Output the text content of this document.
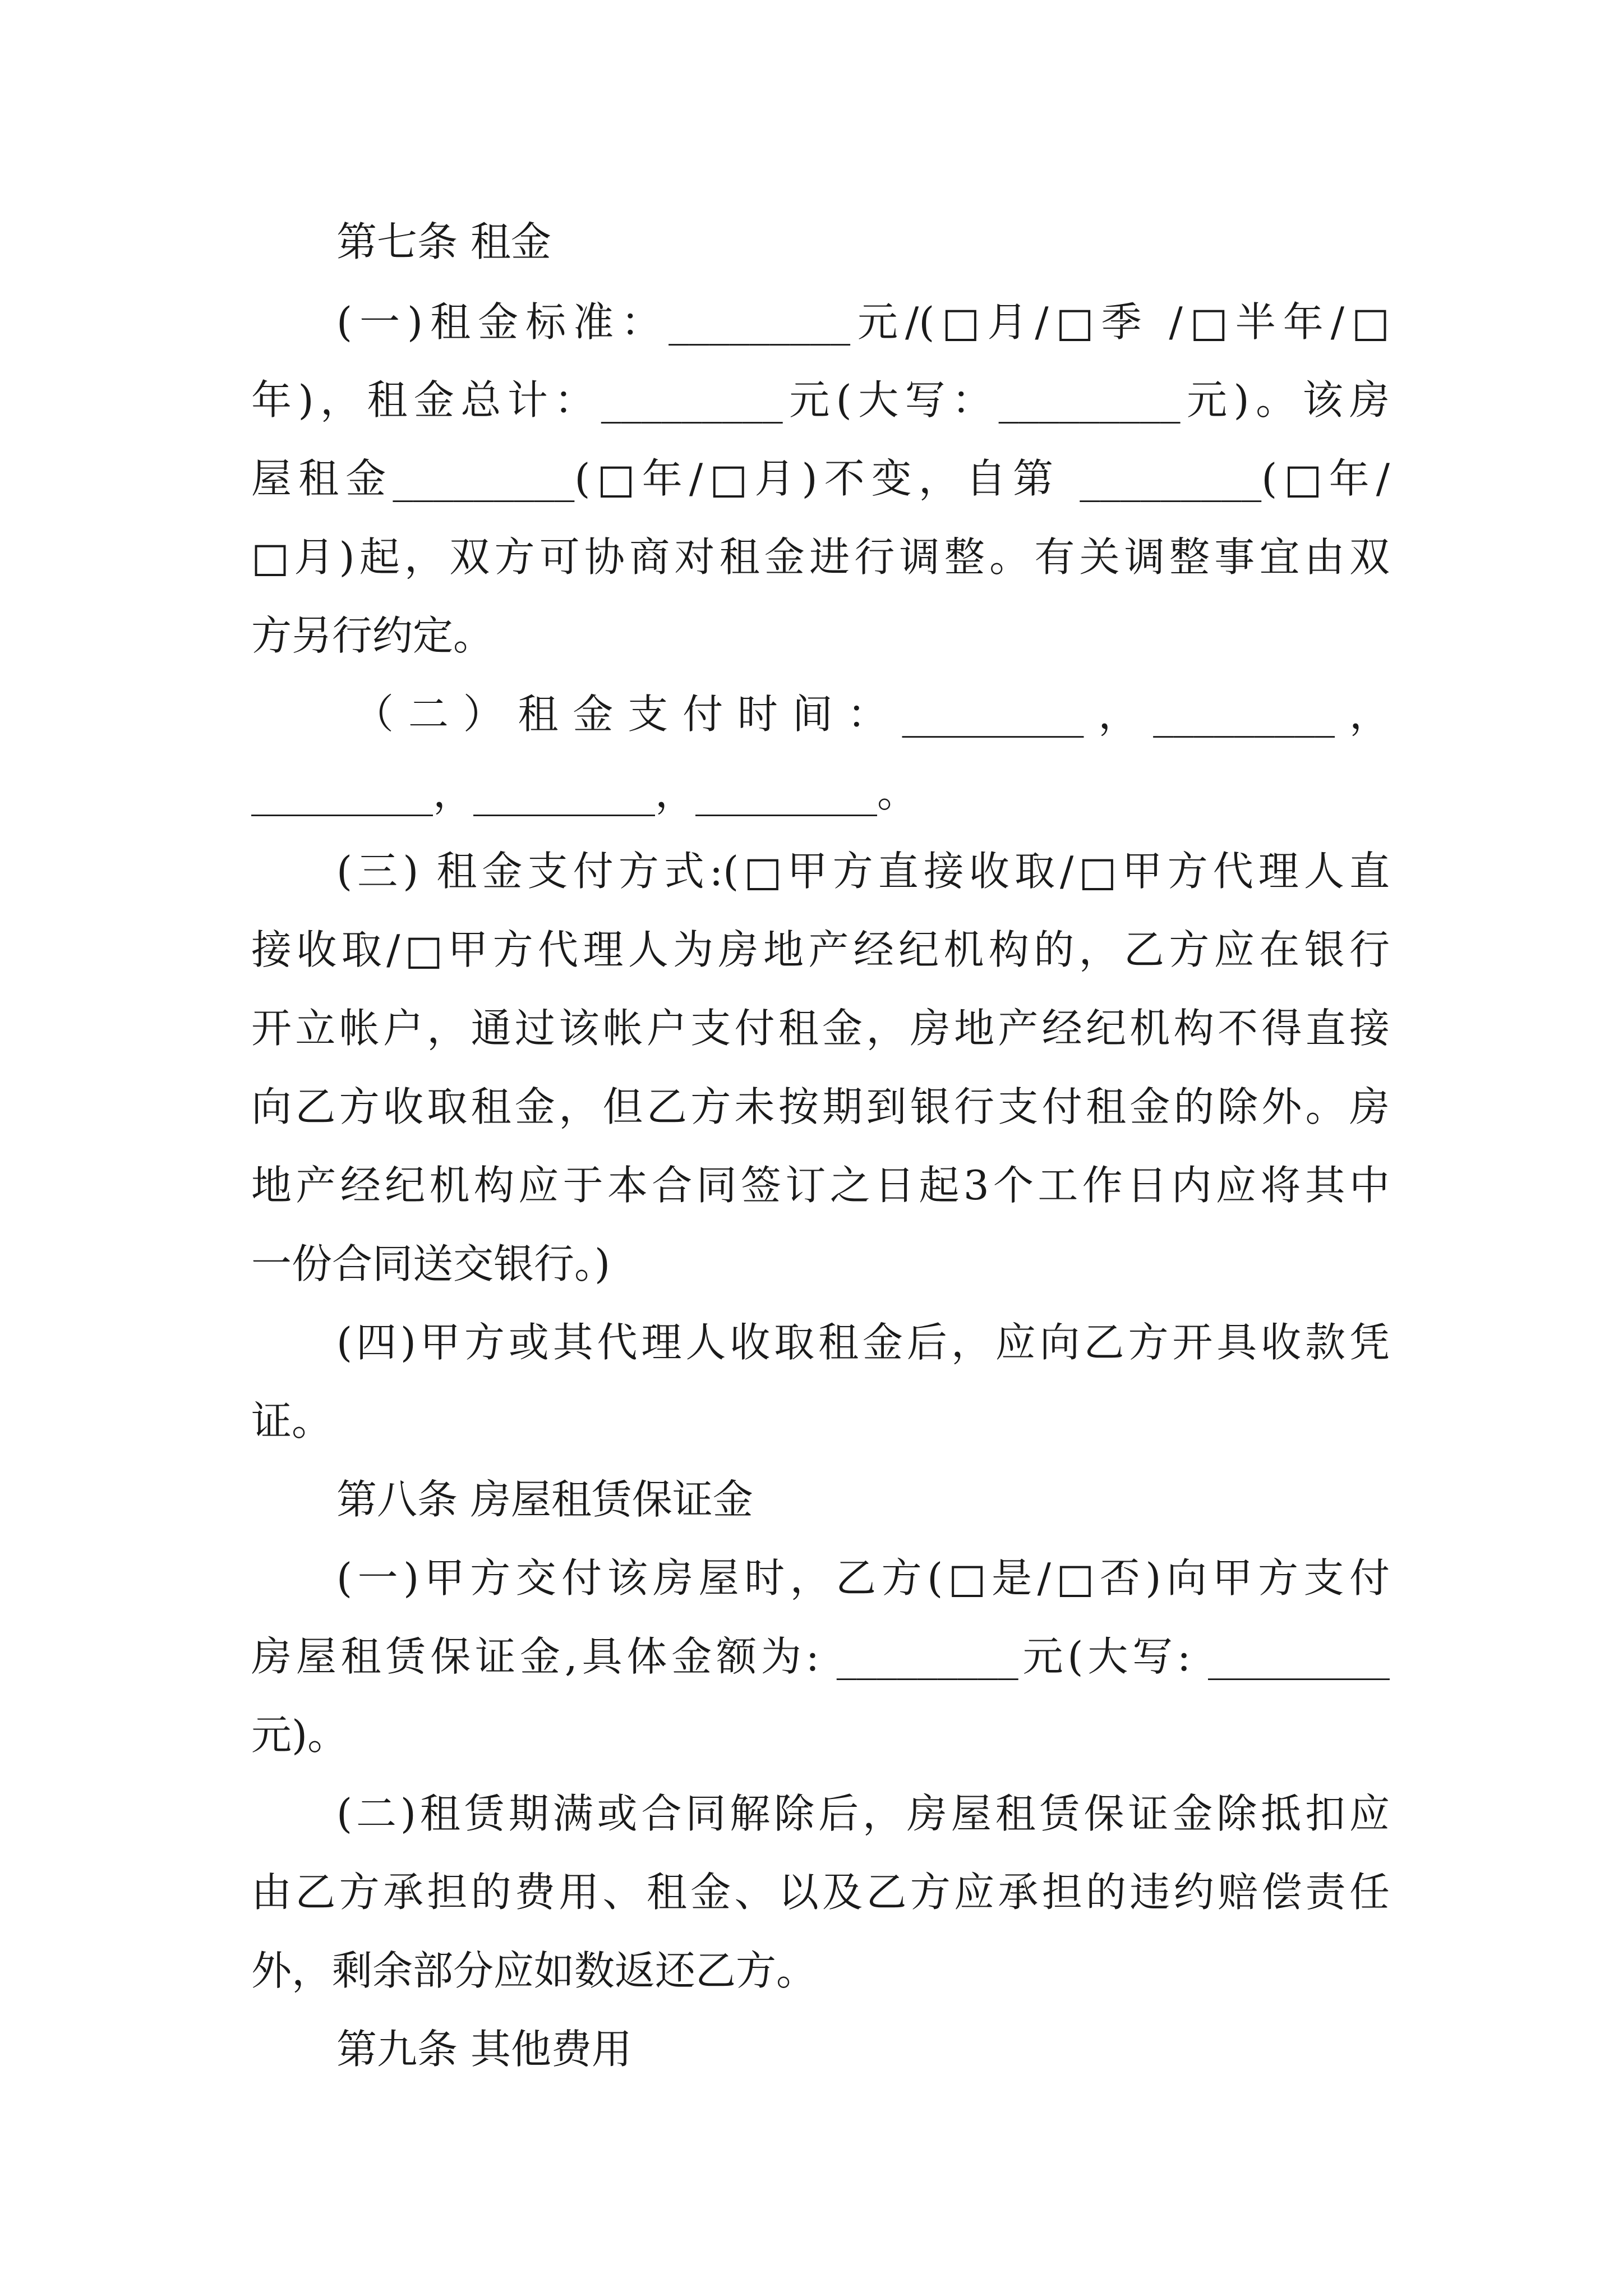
第七条 租金
(一)租金标准：_________元/(□月/□季 /□半年/□
年)，租金总计：_________元(大写：_________元)。该房
屋租金_________(□年/□月)不变，自第 _________(□年/
□月)起，双方可协商对租金进行调整。有关调整事宜由双
方另行约定。
（二）租金支付时间：_________，_________，
_________，_________，_________。
(三) 租金支付方式:(□甲方直接收取/□甲方代理人直
接收取/□甲方代理人为房地产经纪机构的，乙方应在银行
开立帐户，通过该帐户支付租金，房地产经纪机构不得直接
向乙方收取租金，但乙方未按期到银行支付租金的除外。房
地产经纪机构应于本合同签订之日起3个工作日内应将其中
一份合同送交银行。)
(四)甲方或其代理人收取租金后，应向乙方开具收款凭
证。
第八条 房屋租赁保证金
(一)甲方交付该房屋时，乙方(□是/□否)向甲方支付
房屋租赁保证金,具体金额为: _________元(大写: _________
元)。
(二)租赁期满或合同解除后，房屋租赁保证金除抵扣应
由乙方承担的费用、租金、以及乙方应承担的违约赔偿责任
外，剩余部分应如数返还乙方。
第九条 其他费用
